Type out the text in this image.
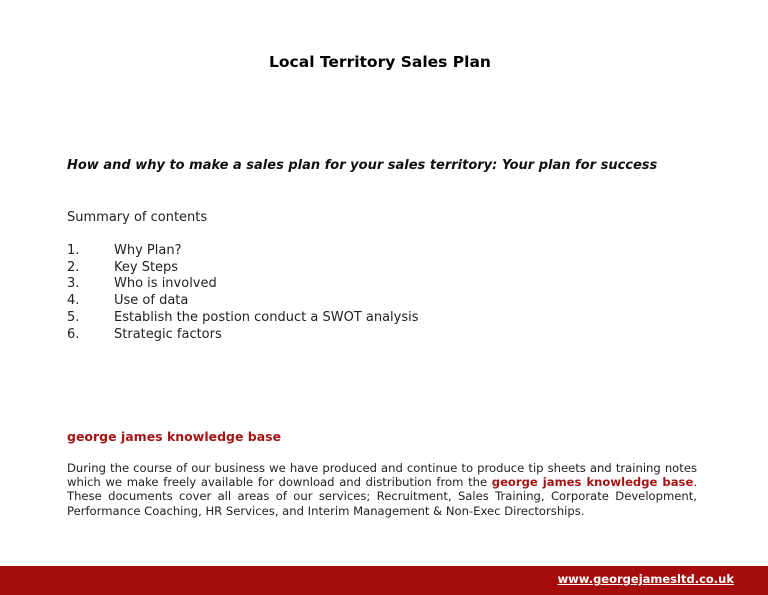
Local Territory Sales Plan
How and why to make a sales plan for your sales territory: Your plan for success
Summary of contents
1.	Why Plan?
2.	Key Steps
3.	Who is involved
4.	Use of data
5.	Establish the postion conduct a SWOT analysis
6.	Strategic factors
george james knowledge base

During the course of our business we have produced and continue to produce tip sheets and training notes which we make freely available for download and distribution from the george james knowledge base. These documents cover all areas of our services; Recruitment, Sales Training, Corporate Development, Performance Coaching, HR Services, and Interim Management & Non-Exec Directorships.

www.georgejamesltd.co.uk
